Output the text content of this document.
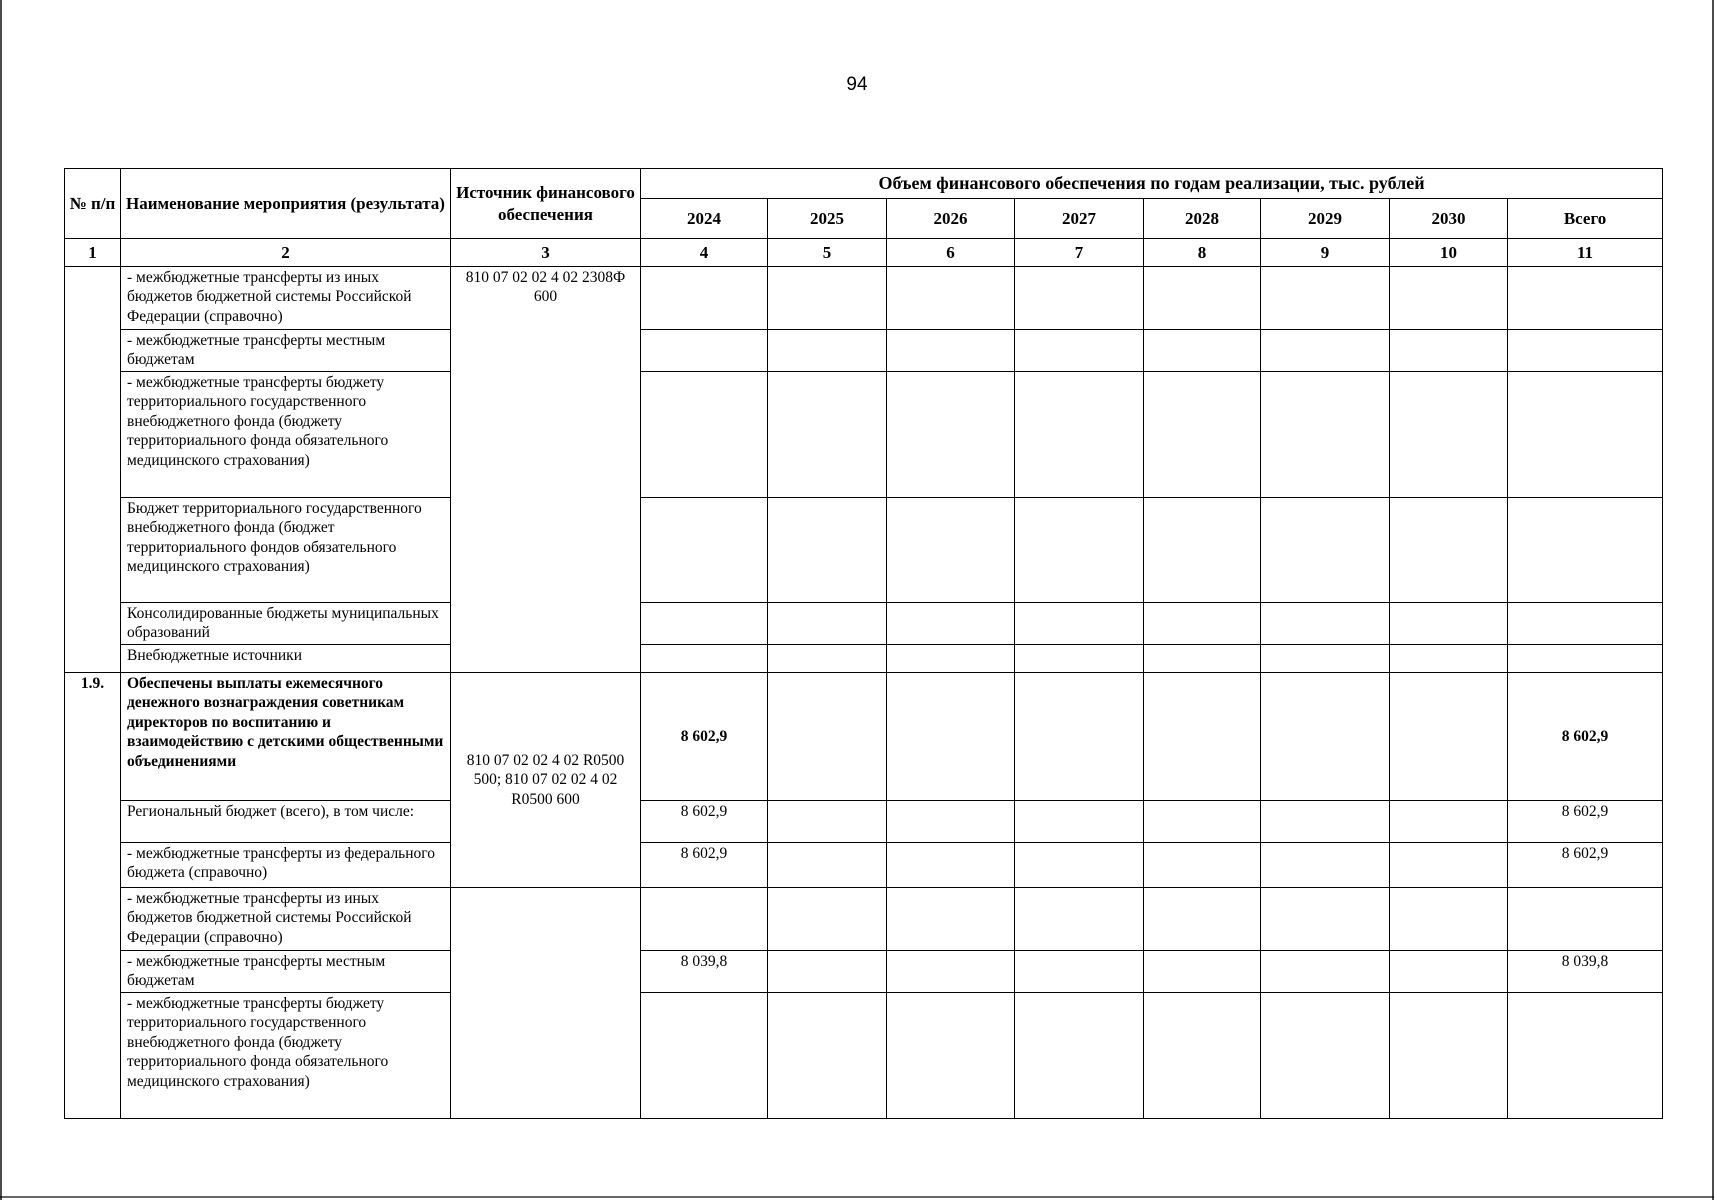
94
№ п/п	Наименование мероприятия (результата)	Источник финансового обеспечения	Объем финансового обеспечения по годам реализации, тыс. рублей							
			2024	2025	2026	2027	2028	2029	2030	Всего
1	2	3	4	5	6	7	8	9	10	11
	- межбюджетные трансферты из иных бюджетов бюджетной системы Российской Федерации (справочно)	810 07 02 02 4 02 2308Ф 600								
	- межбюджетные трансферты местным бюджетам									
	- межбюджетные трансферты бюджету территориального государственного внебюджетного фонда (бюджету территориального фонда обязательного медицинского страхования)									
	Бюджет территориального государственного внебюджетного фонда (бюджет территориального фондов обязательного медицинского страхования)									
	Консолидированные бюджеты муниципальных образований									
	Внебюджетные источники									
1.9.	Обеспечены выплаты ежемесячного денежного вознаграждения советникам директоров по воспитанию и взаимодействию с детскими общественными объединениями	810 07 02 02 4 02 R0500 500; 810 07 02 02 4 02 R0500 600	8 602,9							8 602,9
	Региональный бюджет (всего), в том числе:		8 602,9							8 602,9
	- межбюджетные трансферты из федерального бюджета (справочно)		8 602,9							8 602,9
	- межбюджетные трансферты из иных бюджетов бюджетной системы Российской Федерации (справочно)									
	- межбюджетные трансферты местным бюджетам		8 039,8							8 039,8
	- межбюджетные трансферты бюджету территориального государственного внебюджетного фонда (бюджету территориального фонда обязательного медицинского страхования)									
